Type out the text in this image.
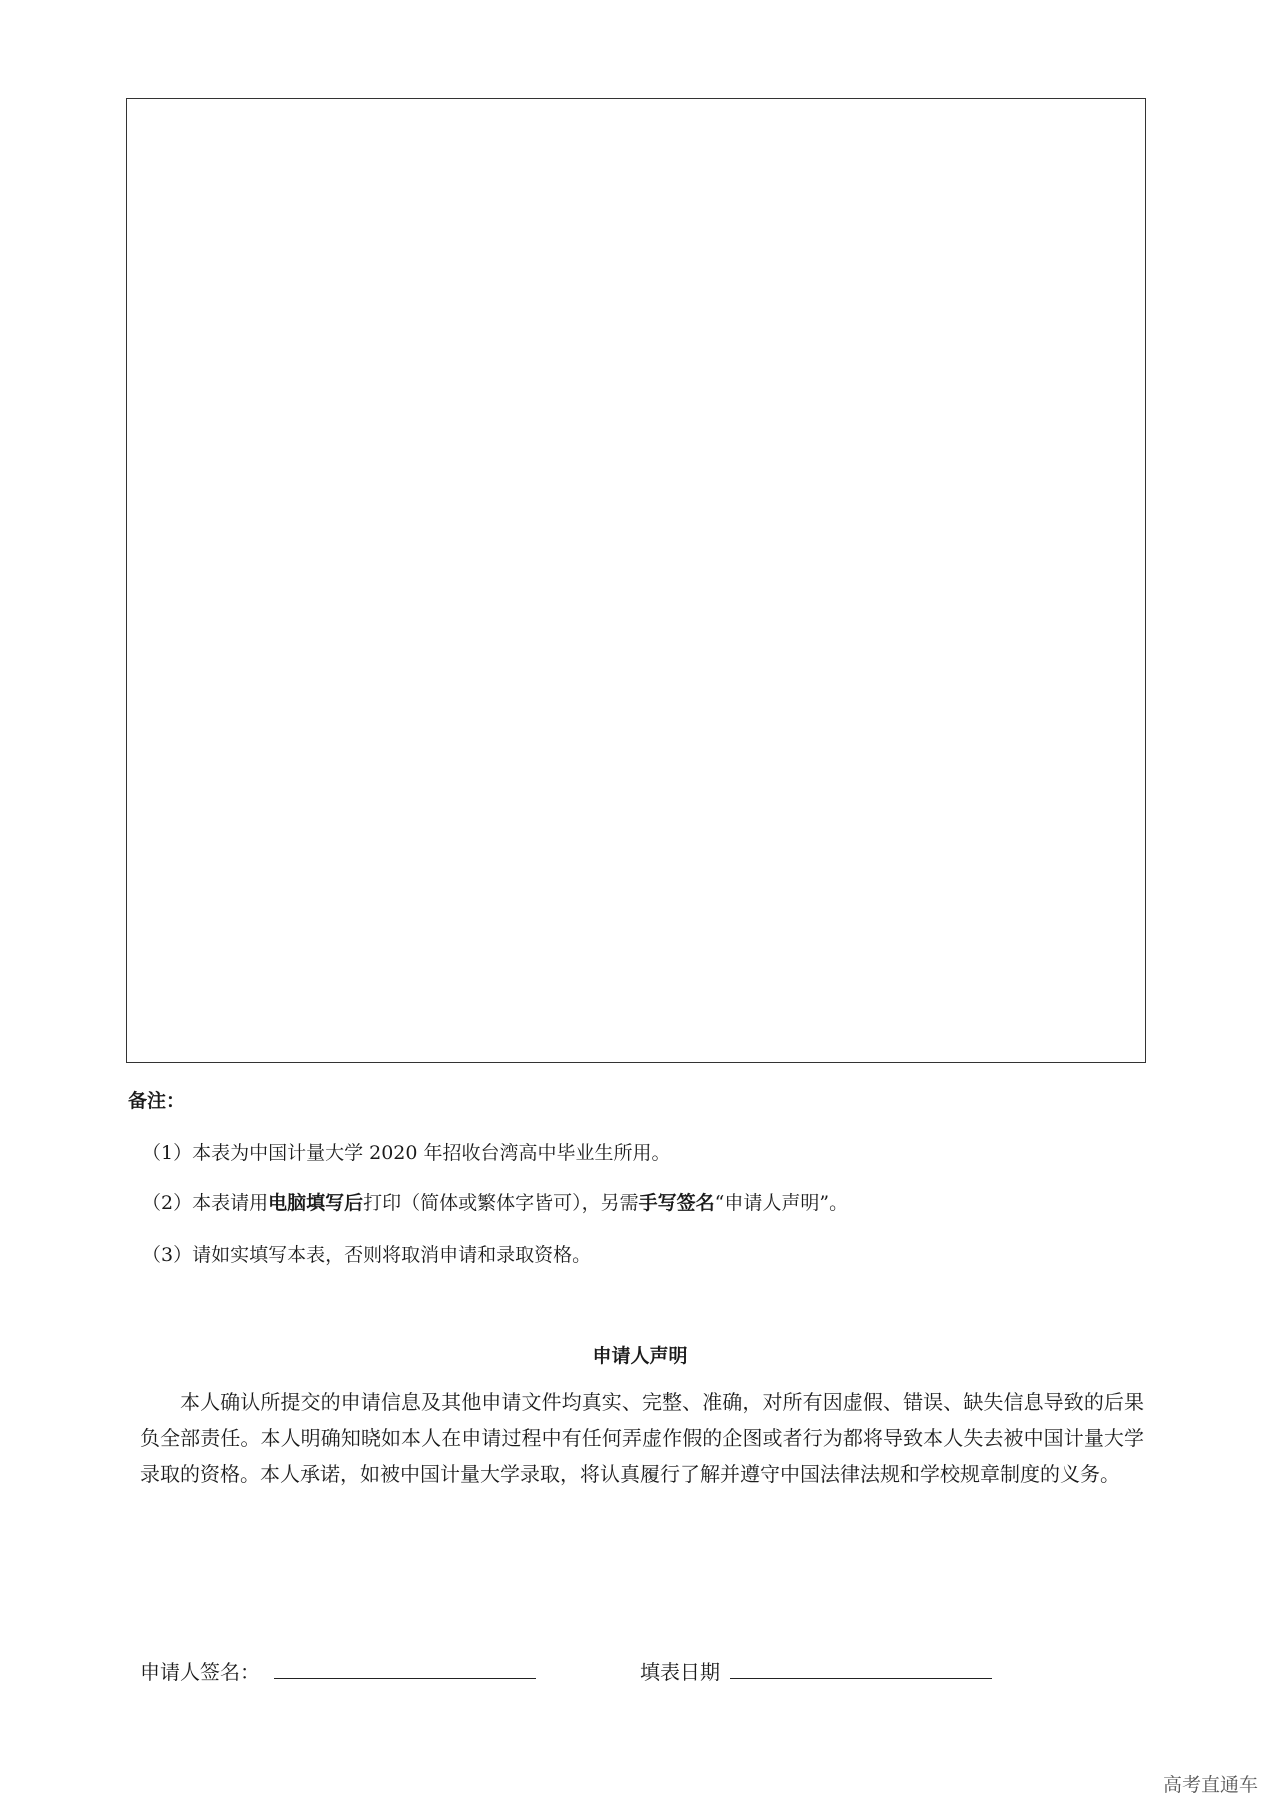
备注：
（1）本表为中国计量大学 2020 年招收台湾高中毕业生所用。
（2）本表请用电脑填写后打印（简体或繁体字皆可），另需手写签名“申请人声明”。
（3）请如实填写本表，否则将取消申请和录取资格。
申请人声明
本人确认所提交的申请信息及其他申请文件均真实、完整、准确，对所有因虚假、错误、缺失信息导致的后果负全部责任。本人明确知晓如本人在申请过程中有任何弄虚作假的企图或者行为都将导致本人失去被中国计量大学录取的资格。本人承诺，如被中国计量大学录取，将认真履行了解并遵守中国法律法规和学校规章制度的义务。
申请人签名：	填表日期
高考直通车
